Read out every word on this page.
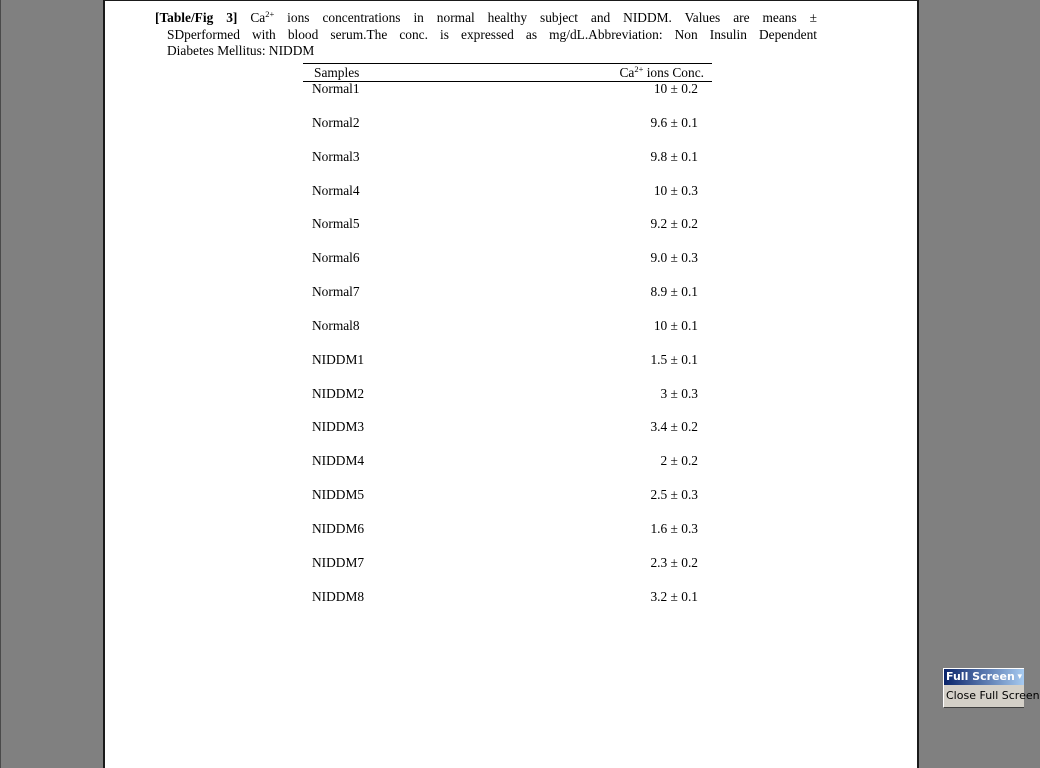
[Table/Fig 3] $Ca^{2+}$ ions concentrations in normal healthy subject and NIDDM. Values are means ±
SDperformed with blood serum.The conc. is expressed as mg/dL.Abbreviation: Non Insulin Dependent
Diabetes Mellitus: NIDDM
Samples	$Ca^{2+}$ ions Conc.
Normal1	10 ± 0.2
Normal2	9.6 ± 0.1
Normal3	9.8 ± 0.1
Normal4	10 ± 0.3
Normal5	9.2 ± 0.2
Normal6	9.0 ± 0.3
Normal7	8.9 ± 0.1
Normal8	10 ± 0.1
NIDDM1	1.5 ± 0.1
NIDDM2	3 ± 0.3
NIDDM3	3.4 ± 0.2
NIDDM4	2 ± 0.2
NIDDM5	2.5 ± 0.3
NIDDM6	1.6 ± 0.3
NIDDM7	2.3 ± 0.2
NIDDM8	3.2 ± 0.1
Full Screen ▾
Close Full Screen
